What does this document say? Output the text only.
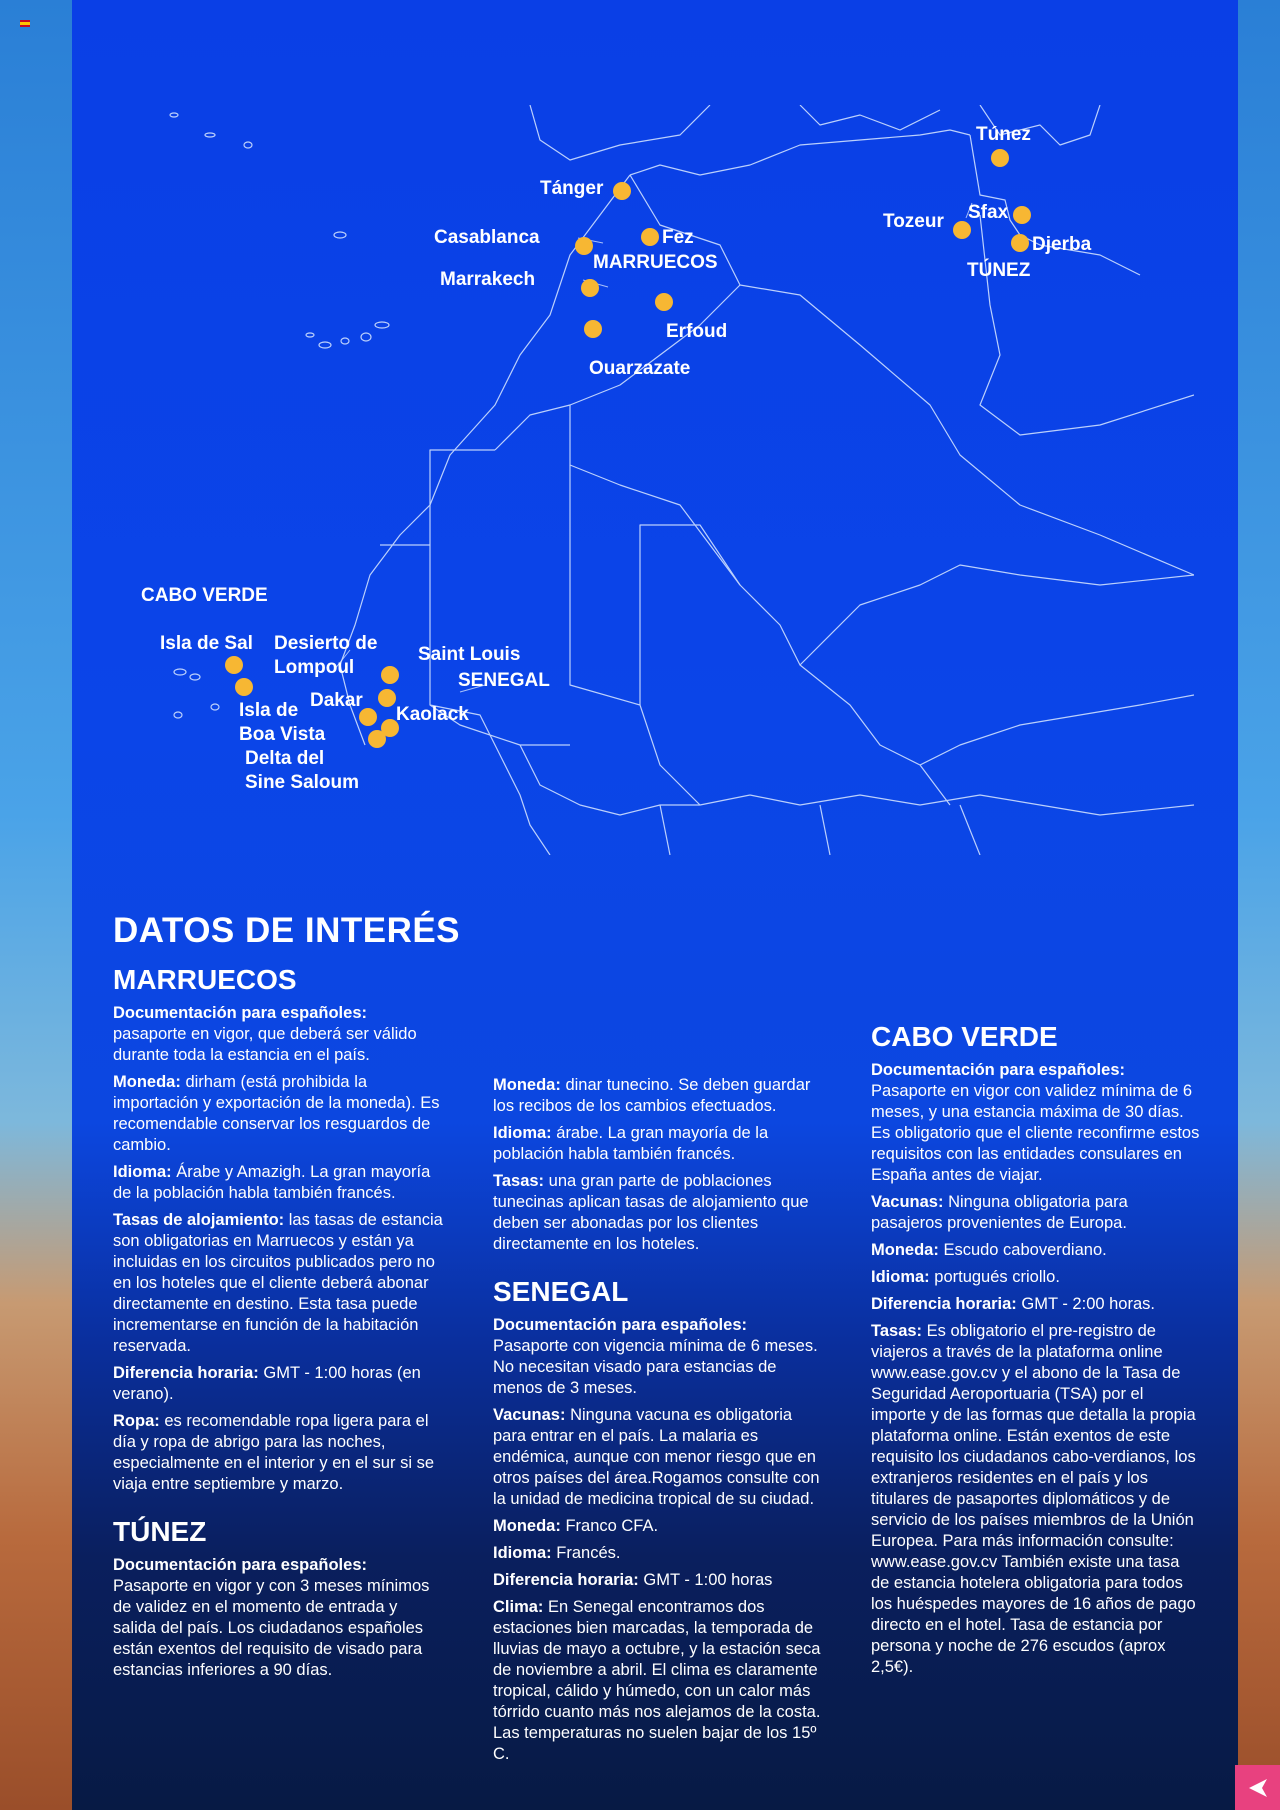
Túnez
Tánger
Casablanca	Fez
Marrakech
Erfoud
Ouarzazate
Tozeur Sfax
Djerba
Isla de Sal Desierto de
Lompoul
Saint Louis
Dakar
Isla de
Boa Vista
Kaolack
Delta del
Sine Saloum
MARRUECOS	TÚNEZ
CABO VERDE
SENEGAL
DATOS DE INTERÉS
MARRUECOS

Documentación para españoles:
pasaporte en vigor, que deberá ser válido durante toda la estancia en el país.

Moneda: dirham (está prohibida la importación y exportación de la moneda). Es recomendable conservar los resguardos de cambio.

Idioma: Árabe y Amazigh. La gran mayoría de la población habla también francés.

Tasas de alojamiento: las tasas de estancia son obligatorias en Marruecos y están ya incluidas en los circuitos publicados pero no en los hoteles que el cliente deberá abonar directamente en destino. Esta tasa puede incrementarse en función de la habitación reservada.

Diferencia horaria: GMT - 1:00 horas (en verano).

Ropa: es recomendable ropa ligera para el día y ropa de abrigo para las noches, especialmente en el interior y en el sur si se viaja entre septiembre y marzo.

TÚNEZ

Documentación para españoles:
Pasaporte en vigor y con 3 meses mínimos de validez en el momento de entrada y salida del país. Los ciudadanos españoles están exentos del requisito de visado para estancias inferiores a 90 días.

Moneda: dinar tunecino. Se deben guardar los recibos de los cambios efectuados.

Idioma: árabe. La gran mayoría de la población habla también francés.

Tasas: una gran parte de poblaciones tunecinas aplican tasas de alojamiento que deben ser abonadas por los clientes directamente en los hoteles.

SENEGAL

Documentación para españoles:
Pasaporte con vigencia mínima de 6 meses. No necesitan visado para estancias de menos de 3 meses.

Vacunas: Ninguna vacuna es obligatoria para entrar en el país. La malaria es endémica, aunque con menor riesgo que en otros países del área.Rogamos consulte con la unidad de medicina tropical de su ciudad.

Moneda: Franco CFA.

Idioma: Francés.

Diferencia horaria: GMT - 1:00 horas

Clima: En Senegal encontramos dos estaciones bien marcadas, la temporada de lluvias de mayo a octubre, y la estación seca de noviembre a abril. El clima es claramente tropical, cálido y húmedo, con un calor más tórrido cuanto más nos alejamos de la costa. Las temperaturas no suelen bajar de los 15º C.

CABO VERDE

Documentación para españoles:
Pasaporte en vigor con validez mínima de 6 meses, y una estancia máxima de 30 días. Es obligatorio que el cliente reconfirme estos requisitos con las entidades consulares en España antes de viajar.

Vacunas: Ninguna obligatoria para pasajeros provenientes de Europa.

Moneda: Escudo caboverdiano.

Idioma: portugués criollo.

Diferencia horaria: GMT - 2:00 horas.

Tasas: Es obligatorio el pre-registro de viajeros a través de la plataforma online www.ease.gov.cv y el abono de la Tasa de Seguridad Aeroportuaria (TSA) por el importe y de las formas que detalla la propia plataforma online. Están exentos de este requisito los ciudadanos cabo-verdianos, los extranjeros residentes en el país y los titulares de pasaportes diplomáticos y de servicio de los países miembros de la Unión Europea. Para más información consulte: www.ease.gov.cv También existe una tasa de estancia hotelera obligatoria para todos los huéspedes mayores de 16 años de pago directo en el hotel. Tasa de estancia por persona y noche de 276 escudos (aprox 2,5€).
